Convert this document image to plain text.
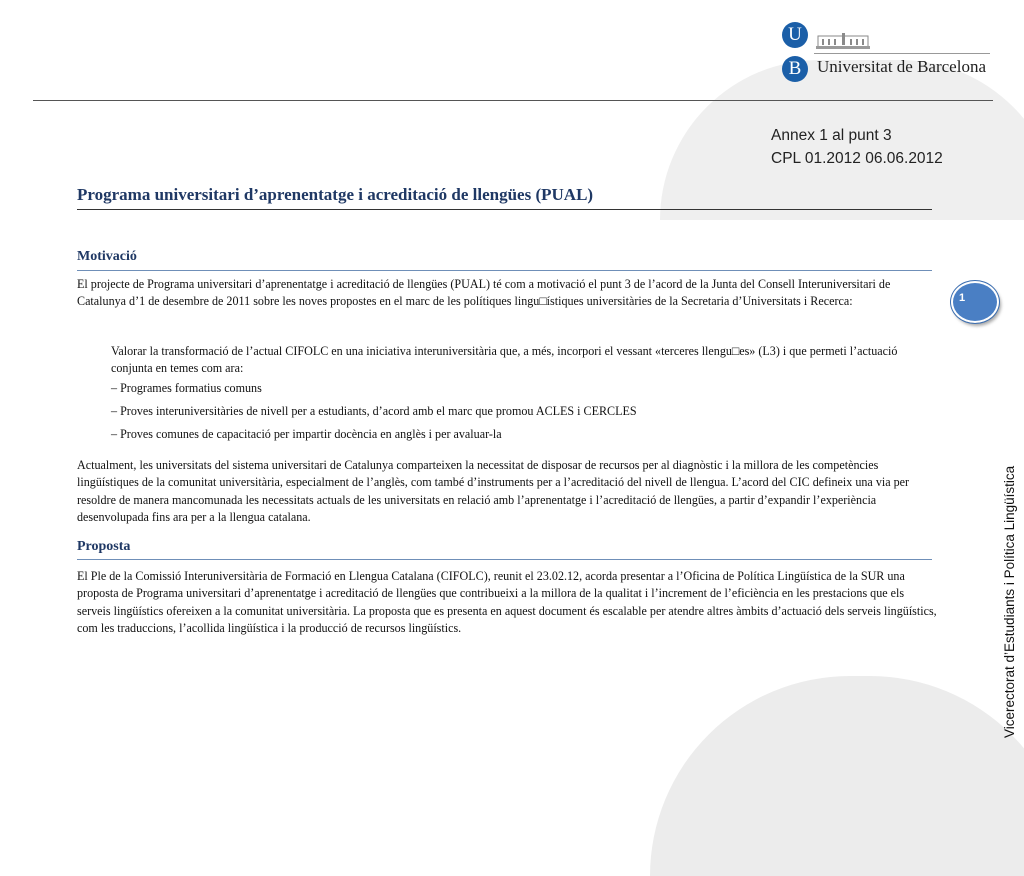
U
B Universitat de Barcelona
Annex 1 al punt 3
CPL 01.2012 06.06.2012
Programa universitari d’aprenentatge i acreditació de llengües (PUAL)
Motivació

El projecte de Programa universitari d’aprenentatge i acreditació de llengües (PUAL) té com a motivació el punt 3 de l’acord de la Junta del Consell Interuniversitari de Catalunya d’1 de desembre de 2011 sobre les noves propostes en el marc de les polítiques lingu□ístiques universitàries de la Secretaria d’Universitats i Recerca:

Valorar la transformació de l’actual CIFOLC en una iniciativa interuniversitària que, a més, incorpori el vessant «terceres llengu□es» (L3) i que permeti l’actuació conjunta en temes com ara:

– Programes formatius comuns
– Proves interuniversitàries de nivell per a estudiants, d’acord amb el marc que promou ACLES i CERCLES
– Proves comunes de capacitació per impartir docència en anglès i per avaluar-la

Actualment, les universitats del sistema universitari de Catalunya comparteixen la necessitat de disposar de recursos per al diagnòstic i la millora de les competències lingüístiques de la comunitat universitària, especialment de l’anglès, com també d’instruments per a l’acreditació del nivell de llengua. L’acord del CIC defineix una via per resoldre de manera mancomunada les necessitats actuals de les universitats en relació amb l’aprenentatge i l’acreditació de llengües, a partir d’expandir l’experiència desenvolupada fins ara per a la llengua catalana.

Proposta

El Ple de la Comissió Interuniversitària de Formació en Llengua Catalana (CIFOLC), reunit el 23.02.12, acorda presentar a l’Oficina de Política Lingüística de la SUR una proposta de Programa universitari d’aprenentatge i acreditació de llengües que contribueixi a la millora de la qualitat i l’increment de l’eficiència en les prestacions que els serveis lingüístics ofereixen a la comunitat universitària. La proposta que es presenta en aquest document és escalable per atendre altres àmbits d’actuació dels serveis lingüístics, com les traduccions, l’acollida lingüística i la producció de recursos lingüístics.

1
Vicerectorat d’Estudiants i Política Lingüística
